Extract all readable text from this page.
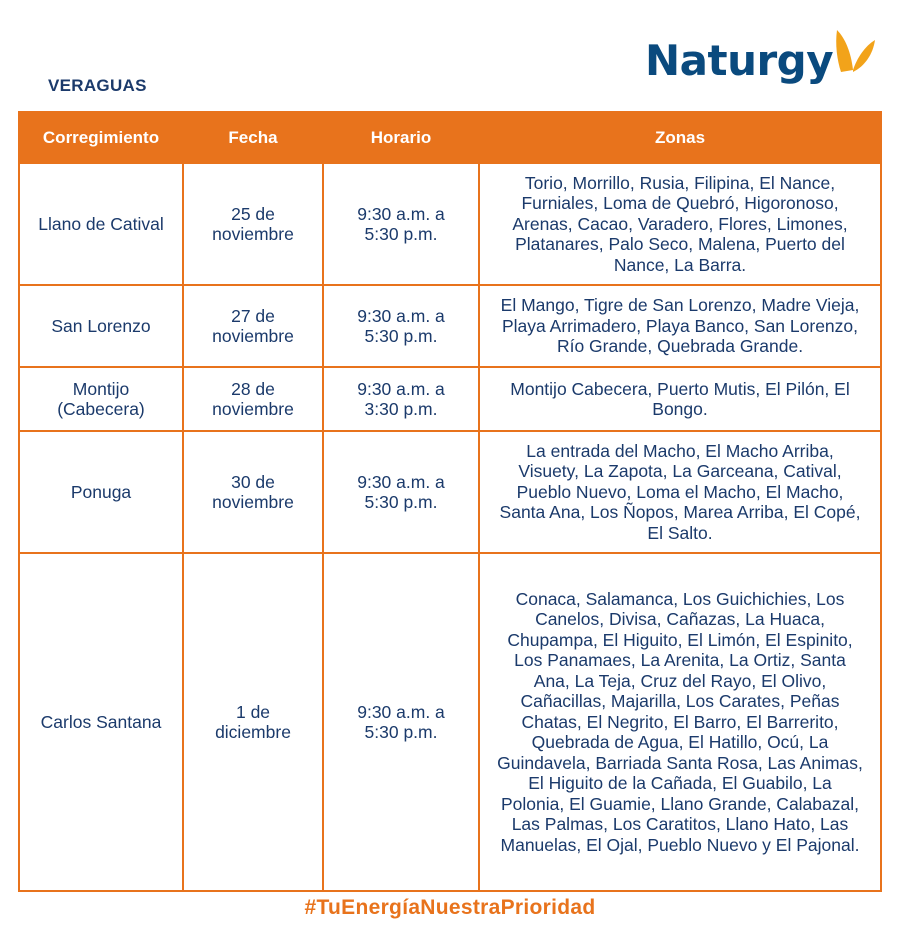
VERAGUAS
Naturgy
Corregimiento	Fecha	Horario	Zonas
Llano de Catival	25 de noviembre	9:30 a.m. a 5:30 p.m.	Torio, Morrillo, Rusia, Filipina, El Nance, Furniales, Loma de Quebró, Higoronoso, Arenas, Cacao, Varadero, Flores, Limones, Platanares, Palo Seco, Malena, Puerto del Nance, La Barra.
San Lorenzo	27 de noviembre	9:30 a.m. a 5:30 p.m.	El Mango, Tigre de San Lorenzo, Madre Vieja, Playa Arrimadero, Playa Banco, San Lorenzo, Río Grande, Quebrada Grande.
Montijo (Cabecera)	28 de noviembre	9:30 a.m. a 3:30 p.m.	Montijo Cabecera, Puerto Mutis, El Pilón, El Bongo.
Ponuga	30 de noviembre	9:30 a.m. a 5:30 p.m.	La entrada del Macho, El Macho Arriba, Visuety, La Zapota, La Garceana, Catival, Pueblo Nuevo, Loma el Macho, El Macho, Santa Ana, Los Ñopos, Marea Arriba, El Copé, El Salto.
Carlos Santana	1 de diciembre	9:30 a.m. a 5:30 p.m.	Conaca, Salamanca, Los Guichichies, Los Canelos, Divisa, Cañazas, La Huaca, Chupampa, El Higuito, El Limón, El Espinito, Los Panamaes, La Arenita, La Ortiz, Santa Ana, La Teja, Cruz del Rayo, El Olivo, Cañacillas, Majarilla, Los Carates, Peñas Chatas, El Negrito, El Barro, El Barrerito, Quebrada de Agua, El Hatillo, Ocú, La Guindavela, Barriada Santa Rosa, Las Animas, El Higuito de la Cañada, El Guabilo, La Polonia, El Guamie, Llano Grande, Calabazal, Las Palmas, Los Caratitos, Llano Hato, Las Manuelas, El Ojal, Pueblo Nuevo y El Pajonal.
#TuEnergíaNuestraPrioridad
